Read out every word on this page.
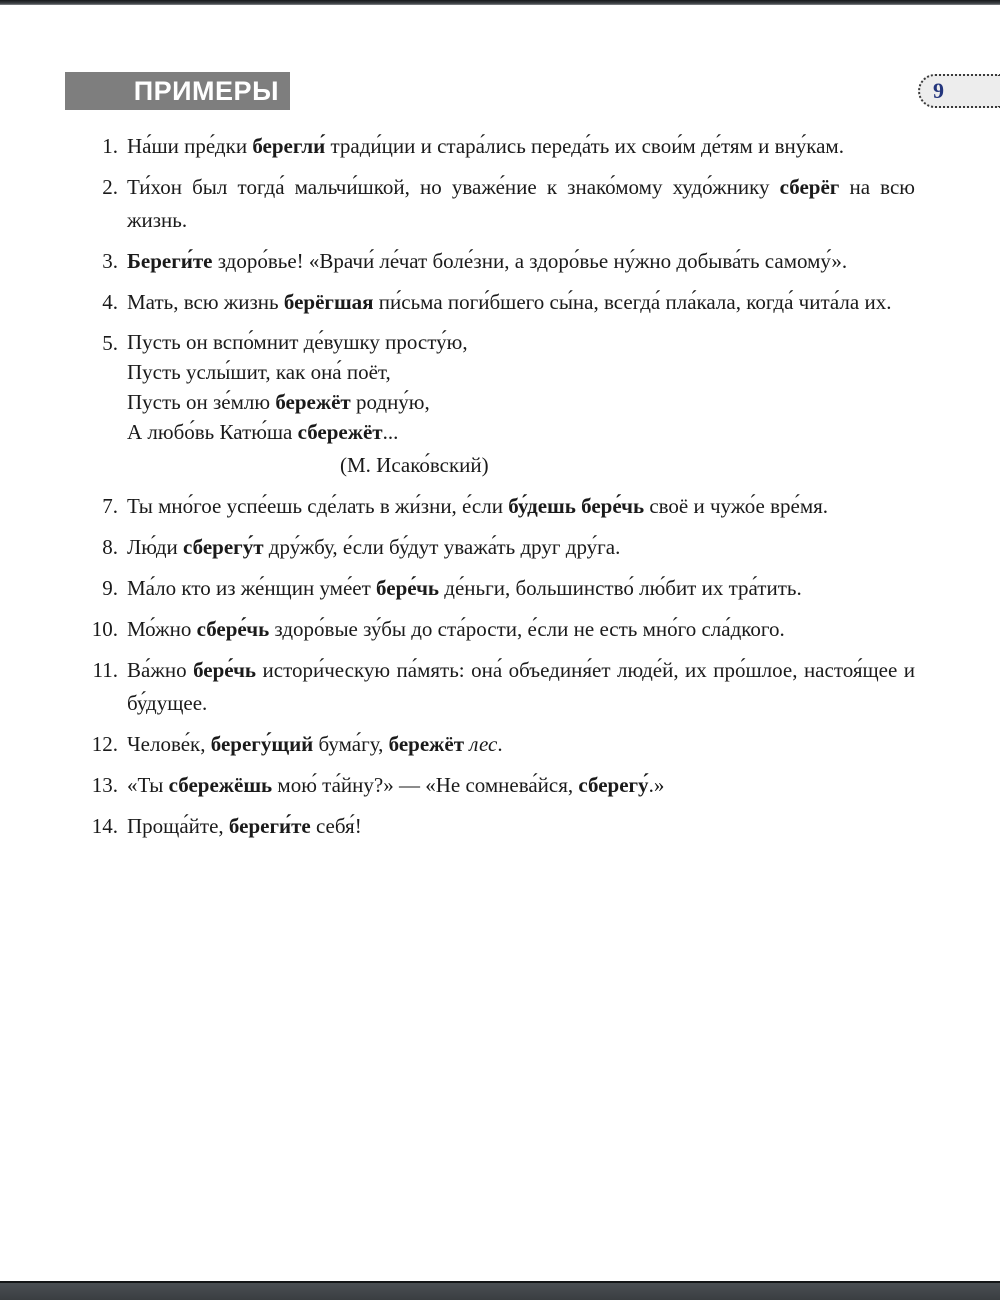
ПРИМЕРЫ	9
1. На́ши пре́дки берегли́ тради́ции и стара́лись переда́ть их свои́м де́тям и вну́кам.
2. Ти́хон был тогда́ мальчи́шкой, но уваже́ние к знако́мому худо́жнику сберёг на всю жизнь.
3. Береги́те здоро́вье! «Врачи́ ле́чат боле́зни, а здоро́вье ну́жно добыва́ть самому́».
4. Мать, всю жизнь берёгшая пи́сьма поги́бшего сы́на, всегда́ пла́кала, когда́ чита́ла их.
5. Пусть он вспо́мнит де́вушку просту́ю,
Пусть услы́шит, как она́ поёт,
Пусть он зе́млю бережёт родну́ю,
А любо́вь Катю́ша сбережёт...
(М. Исако́вский)
7. Ты мно́гое успе́ешь сде́лать в жи́зни, е́сли бу́дешь бере́чь своё и чужо́е вре́мя.
8. Лю́ди сберегу́т дру́жбу, е́сли бу́дут уважа́ть друг дру́га.
9. Ма́ло кто из же́нщин уме́ет бере́чь де́ньги, большинство́ лю́бит их тра́тить.
10. Мо́жно сбере́чь здоро́вые зу́бы до ста́рости, е́сли не есть мно́го сла́дкого.
11. Ва́жно бере́чь истори́ческую па́мять: она́ объединя́ет люде́й, их про́шлое, настоя́щее и бу́дущее.
12. Челове́к, берегу́щий бума́гу, бережёт лес.
13. «Ты сбережёшь мою́ та́йну?» — «Не сомнева́йся, сберегу́.»
14. Проща́йте, береги́те себя́!
